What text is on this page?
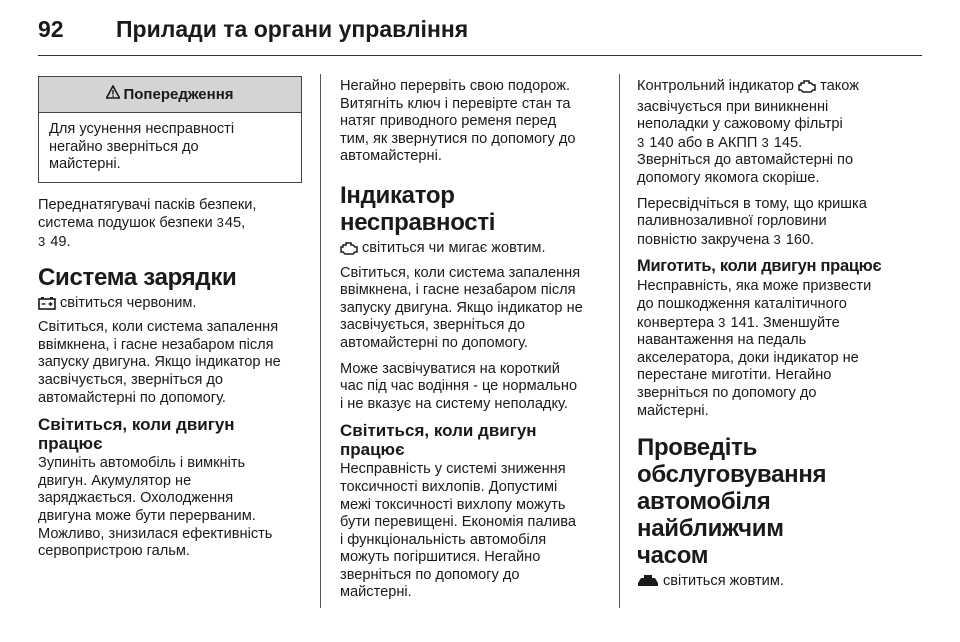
92	Прилади та органи управління
Попередження
Для усунення несправності
негайно зверніться до
майстерні.

Переднатягувачі пасків безпеки,
система подушок безпеки 345,
3 49.

Система зарядки

світиться червоним.

Світиться, коли система запалення
ввімкнена, і гасне незабаром після
запуску двигуна. Якщо індикатор не
засвічується, зверніться до
автомайстерні по допомогу.

Світиться, коли двигун
працює

Зупиніть автомобіль і вимкніть
двигун. Акумулятор не
заряджається. Охолодження
двигуна може бути перерваним.
Можливо, знизилася ефективність
сервопристрою гальм.

Негайно перервіть свою подорож.
Витягніть ключ і перевірте стан та
натяг приводного ременя перед
тим, як звернутися по допомогу до
автомайстерні.

Індикатор несправності

світиться чи мигає жовтим.

Світиться, коли система запалення
ввімкнена, і гасне незабаром після
запуску двигуна. Якщо індикатор не
засвічується, зверніться до
автомайстерні по допомогу.

Може засвічуватися на короткий
час під час водіння - це нормально
і не вказує на систему неполадку.

Світиться, коли двигун
працює

Несправність у системі зниження
токсичності вихлопів. Допустимі
межі токсичності вихлопу можуть
бути перевищені. Економія палива
і функціональність автомобіля
можуть погіршитися. Негайно
зверніться по допомогу до
майстерні.

Контрольний індикатор також
засвічується при виникненні
неполадки у сажовому фільтрі
3 140 або в АКПП 3 145.
Зверніться до автомайстерні по
допомогу якомога скоріше.

Пересвідчіться в тому, що кришка
паливнозаливної горловини
повністю закручена 3 160.

Миготить, коли двигун працює

Несправність, яка може призвести
до пошкодження каталітичного
конвертера 3 141. Зменшуйте
навантаження на педаль
акселератора, доки індикатор не
перестане миготіти. Негайно
зверніться по допомогу до
майстерні.

Проведіть
обслуговування
автомобіля найближчим
часом

світиться жовтим.
